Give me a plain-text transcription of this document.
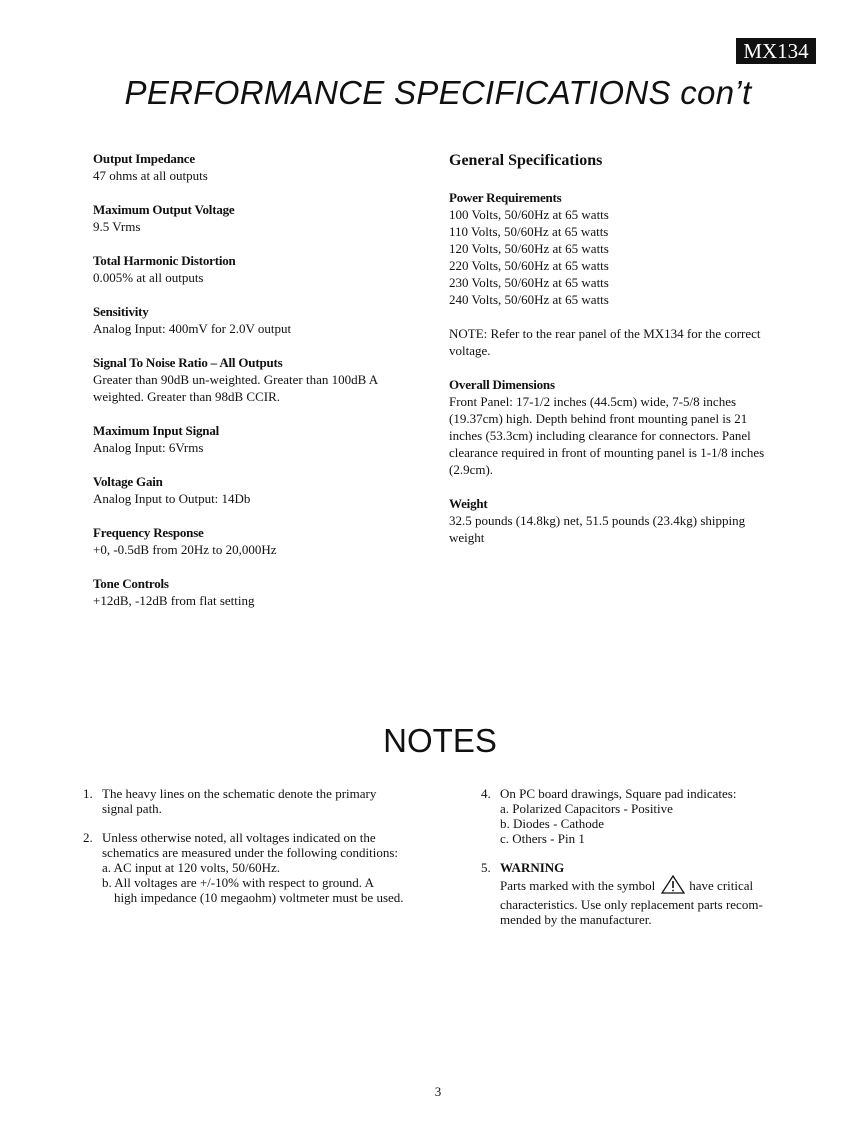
MX134
PERFORMANCE SPECIFICATIONS con’t
Output Impedance
47 ohms at all outputs
Maximum Output Voltage
9.5 Vrms
Total Harmonic Distortion
0.005% at all outputs
Sensitivity
Analog Input: 400mV for 2.0V output
Signal To Noise Ratio – All Outputs
Greater than 90dB un-weighted. Greater than 100dB A
weighted. Greater than 98dB CCIR.
Maximum Input Signal
Analog Input: 6Vrms
Voltage Gain
Analog Input to Output: 14Db
Frequency Response
+0, -0.5dB from 20Hz to 20,000Hz
Tone Controls
+12dB, -12dB from flat setting
General Specifications
Power Requirements
100 Volts, 50/60Hz at 65 watts
110 Volts, 50/60Hz at 65 watts
120 Volts, 50/60Hz at 65 watts
220 Volts, 50/60Hz at 65 watts
230 Volts, 50/60Hz at 65 watts
240 Volts, 50/60Hz at 65 watts
NOTE: Refer to the rear panel of the MX134 for the correct
voltage.
Overall Dimensions
Front Panel: 17-1/2 inches (44.5cm) wide, 7-5/8 inches
(19.37cm) high. Depth behind front mounting panel is 21
inches (53.3cm) including clearance for connectors. Panel
clearance required in front of mounting panel is 1-1/8 inches
(2.9cm).
Weight
32.5 pounds (14.8kg) net, 51.5 pounds (23.4kg) shipping
weight
NOTES
1. The heavy lines on the schematic denote the primary
signal path.
2. Unless otherwise noted, all voltages indicated on the
schematics are measured under the following conditions:
a. AC input at 120 volts, 50/60Hz.
b. All voltages are +/-10% with respect to ground. A
high impedance (10 megaohm) voltmeter must be used.
4. On PC board drawings, Square pad indicates:
a. Polarized Capacitors - Positive
b. Diodes - Cathode
c. Others - Pin 1
5. WARNING
Parts marked with the symbol	have critical
characteristics. Use only replacement parts recom-
mended by the manufacturer.
3
